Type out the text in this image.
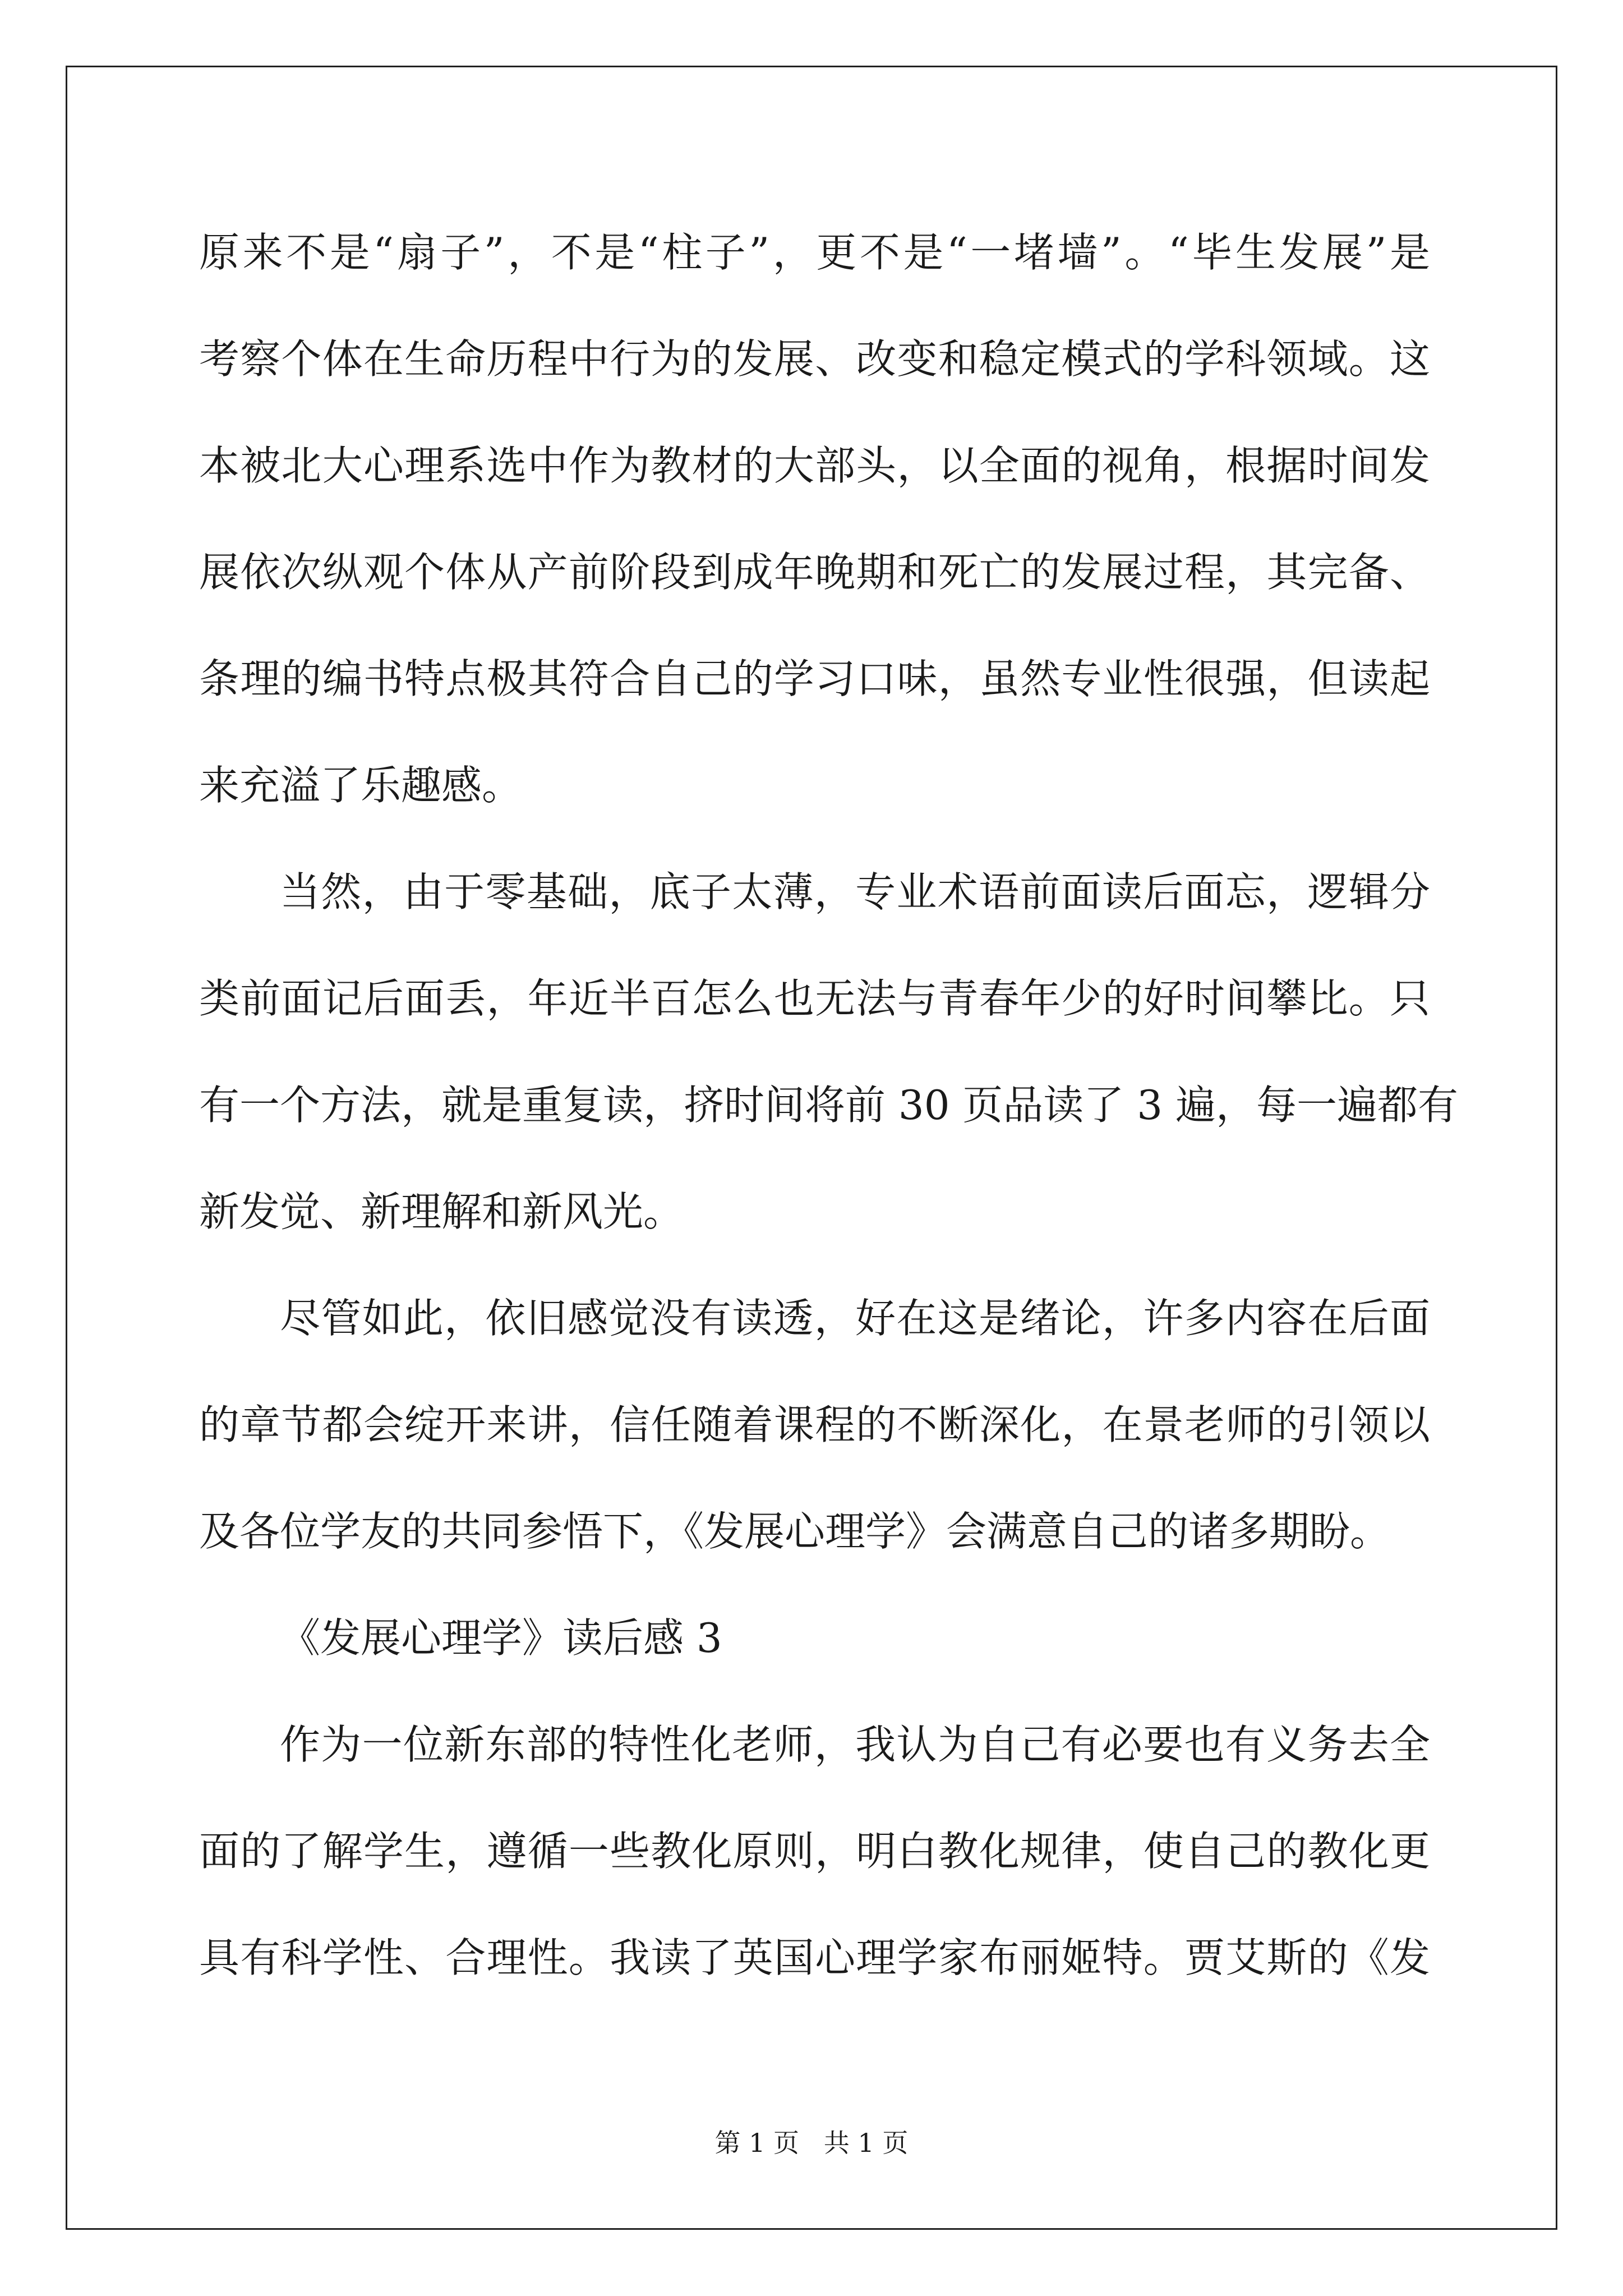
原来不是“扇子”，不是“柱子”，更不是“一堵墙”。“毕生发展”是
考察个体在生命历程中行为的发展、改变和稳定模式的学科领域。这
本被北大心理系选中作为教材的大部头，以全面的视角，根据时间发
展依次纵观个体从产前阶段到成年晚期和死亡的发展过程，其完备、
条理的编书特点极其符合自己的学习口味，虽然专业性很强，但读起
来充溢了乐趣感。
当然，由于零基础，底子太薄，专业术语前面读后面忘，逻辑分
类前面记后面丢，年近半百怎么也无法与青春年少的好时间攀比。只
有一个方法，就是重复读，挤时间将前 30 页品读了 3 遍，每一遍都有
新发觉、新理解和新风光。
尽管如此，依旧感觉没有读透，好在这是绪论，许多内容在后面
的章节都会绽开来讲，信任随着课程的不断深化，在景老师的引领以
及各位学友的共同参悟下，《发展心理学》会满意自己的诸多期盼。
《发展心理学》读后感 3
作为一位新东部的特性化老师，我认为自己有必要也有义务去全
面的了解学生，遵循一些教化原则，明白教化规律，使自己的教化更
具有科学性、合理性。我读了英国心理学家布丽姬特。贾艾斯的《发
第 1 页   共 1 页
